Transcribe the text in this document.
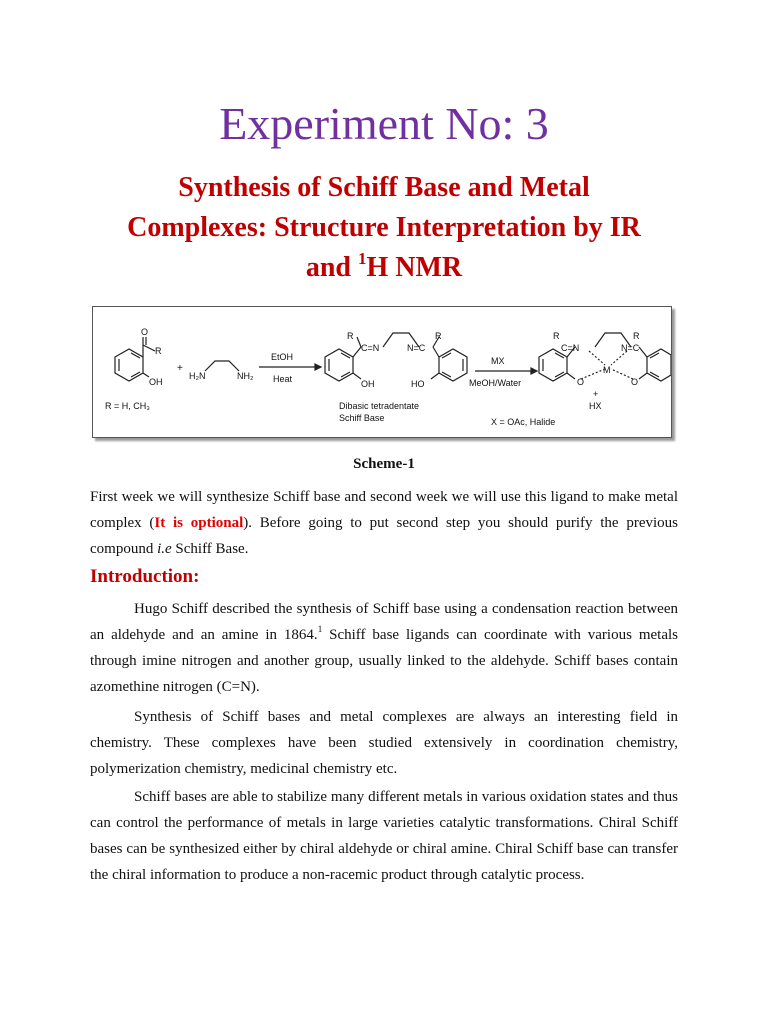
Experiment No: 3
Synthesis of Schiff Base and Metal
Complexes: Structure Interpretation by IR
and $^1$H NMR
O
R
OH
R = H, CH₃
+
H₂N	NH₂
EtOH
Heat
R
C=N	N=C
R
OH	HO
Dibasic tetradentate
Schiff Base
MX
MeOH/Water
R
C=N	N=C
R
O
M
O
+
HX
X = OAc, Halide
Scheme-1
First week we will synthesize Schiff base and second week we will use this ligand to make metal complex (It is optional). Before going to put second step you should purify the previous compound i.e Schiff Base.
Introduction:
Hugo Schiff described the synthesis of Schiff base using a condensation reaction between an aldehyde and an amine in 1864.$^1$ Schiff base ligands can coordinate with various metals through imine nitrogen and another group, usually linked to the aldehyde. Schiff bases contain azomethine nitrogen (C=N).
Synthesis of Schiff bases and metal complexes are always an interesting field in chemistry. These complexes have been studied extensively in coordination chemistry, polymerization chemistry, medicinal chemistry etc.
Schiff bases are able to stabilize many different metals in various oxidation states and thus can control the performance of metals in large varieties catalytic transformations. Chiral Schiff bases can be synthesized either by chiral aldehyde or chiral amine. Chiral Schiff base can transfer the chiral information to produce a non-racemic product through catalytic process.
